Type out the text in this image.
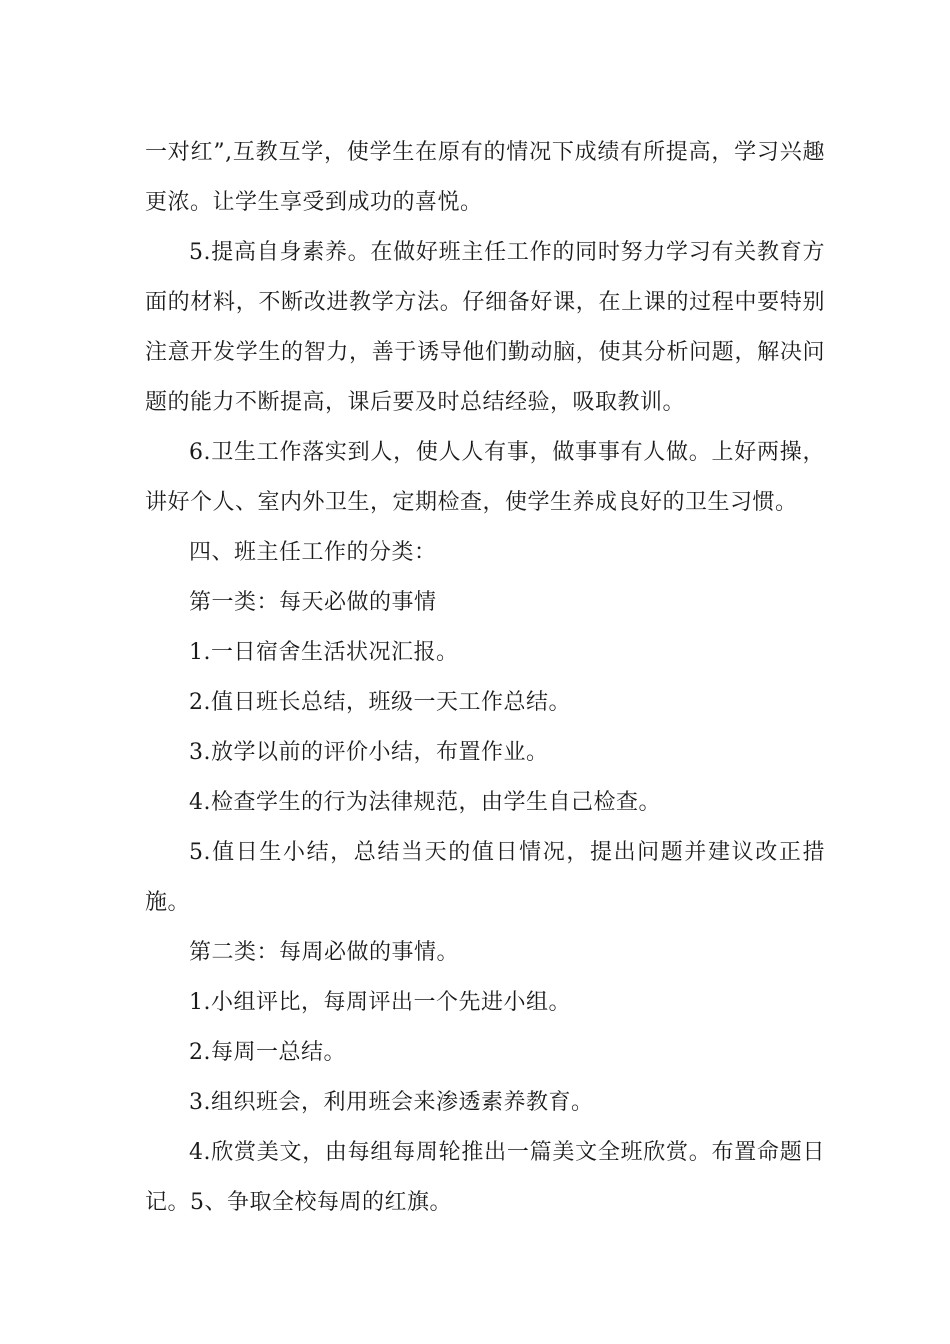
一对红”,互教互学，使学生在原有的情况下成绩有所提高，学习兴趣更浓。让学生享受到成功的喜悦。

5.提高自身素养。在做好班主任工作的同时努力学习有关教育方面的材料，不断改进教学方法。仔细备好课，在上课的过程中要特别注意开发学生的智力，善于诱导他们勤动脑，使其分析问题，解决问题的能力不断提高，课后要及时总结经验，吸取教训。

6.卫生工作落实到人，使人人有事，做事事有人做。上好两操，讲好个人、室内外卫生，定期检查，使学生养成良好的卫生习惯。

四、班主任工作的分类：

第一类：每天必做的事情

1.一日宿舍生活状况汇报。

2.值日班长总结，班级一天工作总结。

3.放学以前的评价小结，布置作业。

4.检查学生的行为法律规范，由学生自己检查。

5.值日生小结，总结当天的值日情况，提出问题并建议改正措施。

第二类：每周必做的事情。

1.小组评比，每周评出一个先进小组。

2.每周一总结。

3.组织班会，利用班会来渗透素养教育。

4.欣赏美文，由每组每周轮推出一篇美文全班欣赏。布置命题日记。5、争取全校每周的红旗。
